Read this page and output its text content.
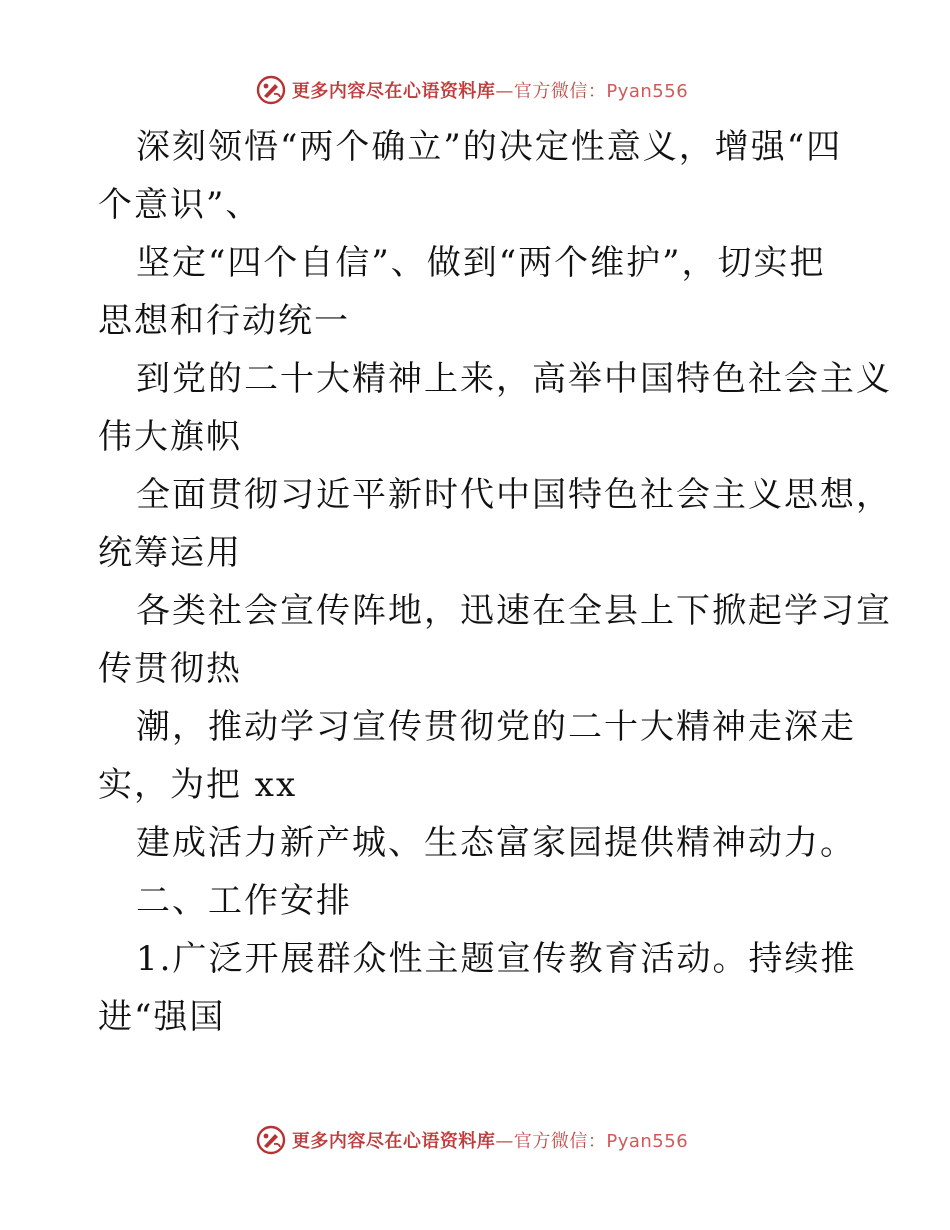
更多内容尽在心语资料库—官方微信：Pyan556
深刻领悟“两个确立”的决定性意义，增强“四
个意识”、
坚定“四个自信”、做到“两个维护”，切实把
思想和行动统一
到党的二十大精神上来，高举中国特色社会主义
伟大旗帜
全面贯彻习近平新时代中国特色社会主义思想，
统筹运用
各类社会宣传阵地，迅速在全县上下掀起学习宣
传贯彻热
潮，推动学习宣传贯彻党的二十大精神走深走
实，为把 xx
建成活力新产城、生态富家园提供精神动力。
二、工作安排
1.广泛开展群众性主题宣传教育活动。持续推
进“强国
更多内容尽在心语资料库—官方微信：Pyan556
